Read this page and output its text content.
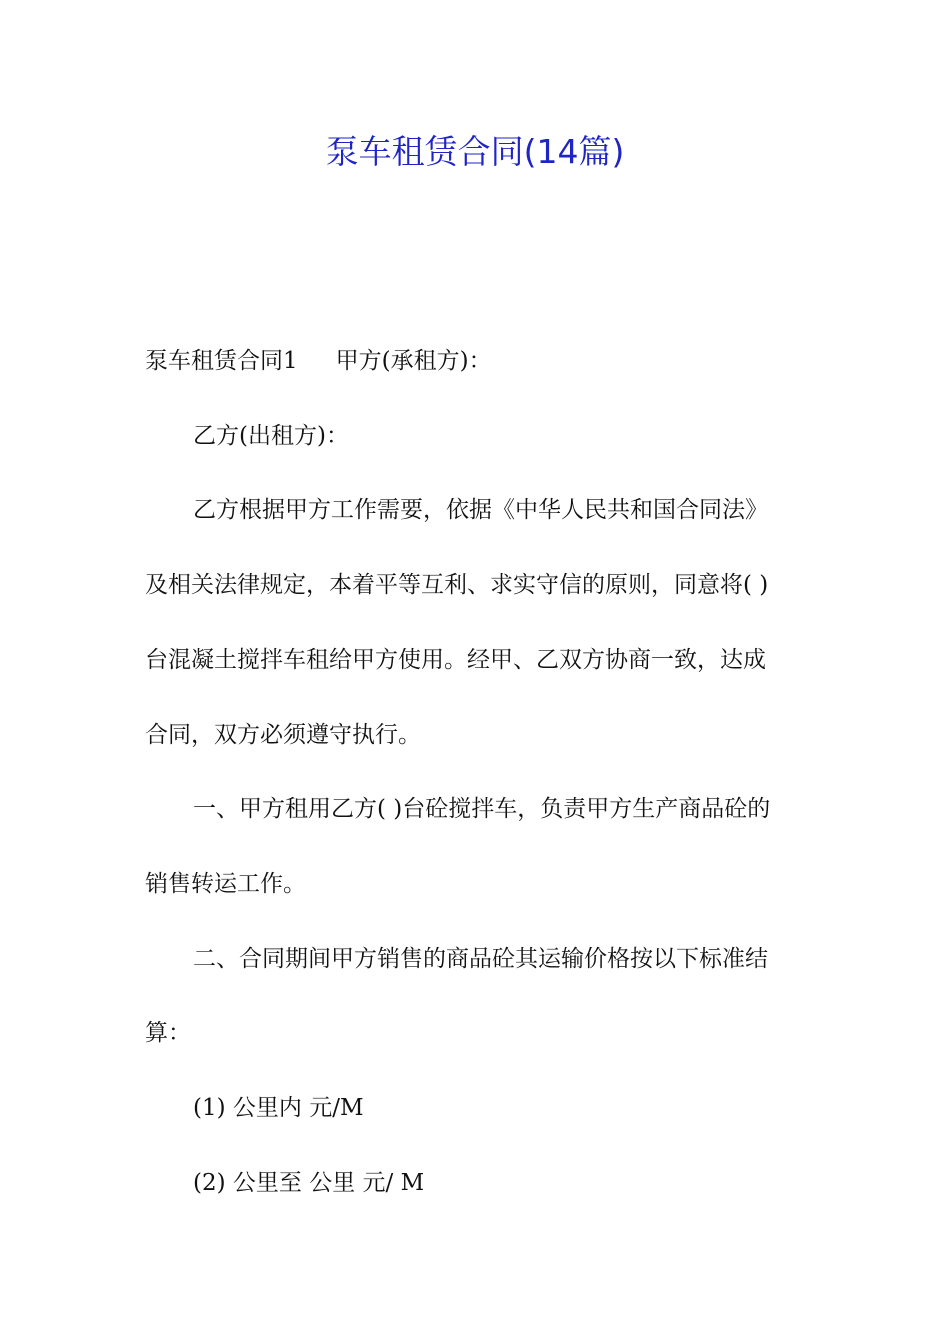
泵车租赁合同(14篇)

泵车租赁合同1 甲方(承租方)：

乙方(出租方)：

乙方根据甲方工作需要，依据《中华人民共和国合同法》

及相关法律规定，本着平等互利、求实守信的原则，同意将( )

台混凝土搅拌车租给甲方使用。经甲、乙双方协商一致，达成

合同，双方必须遵守执行。

一、甲方租用乙方( )台砼搅拌车，负责甲方生产商品砼的

销售转运工作。

二、合同期间甲方销售的商品砼其运输价格按以下标准结

算：

(1) 公里内 元/M

(2) 公里至 公里 元/ M
